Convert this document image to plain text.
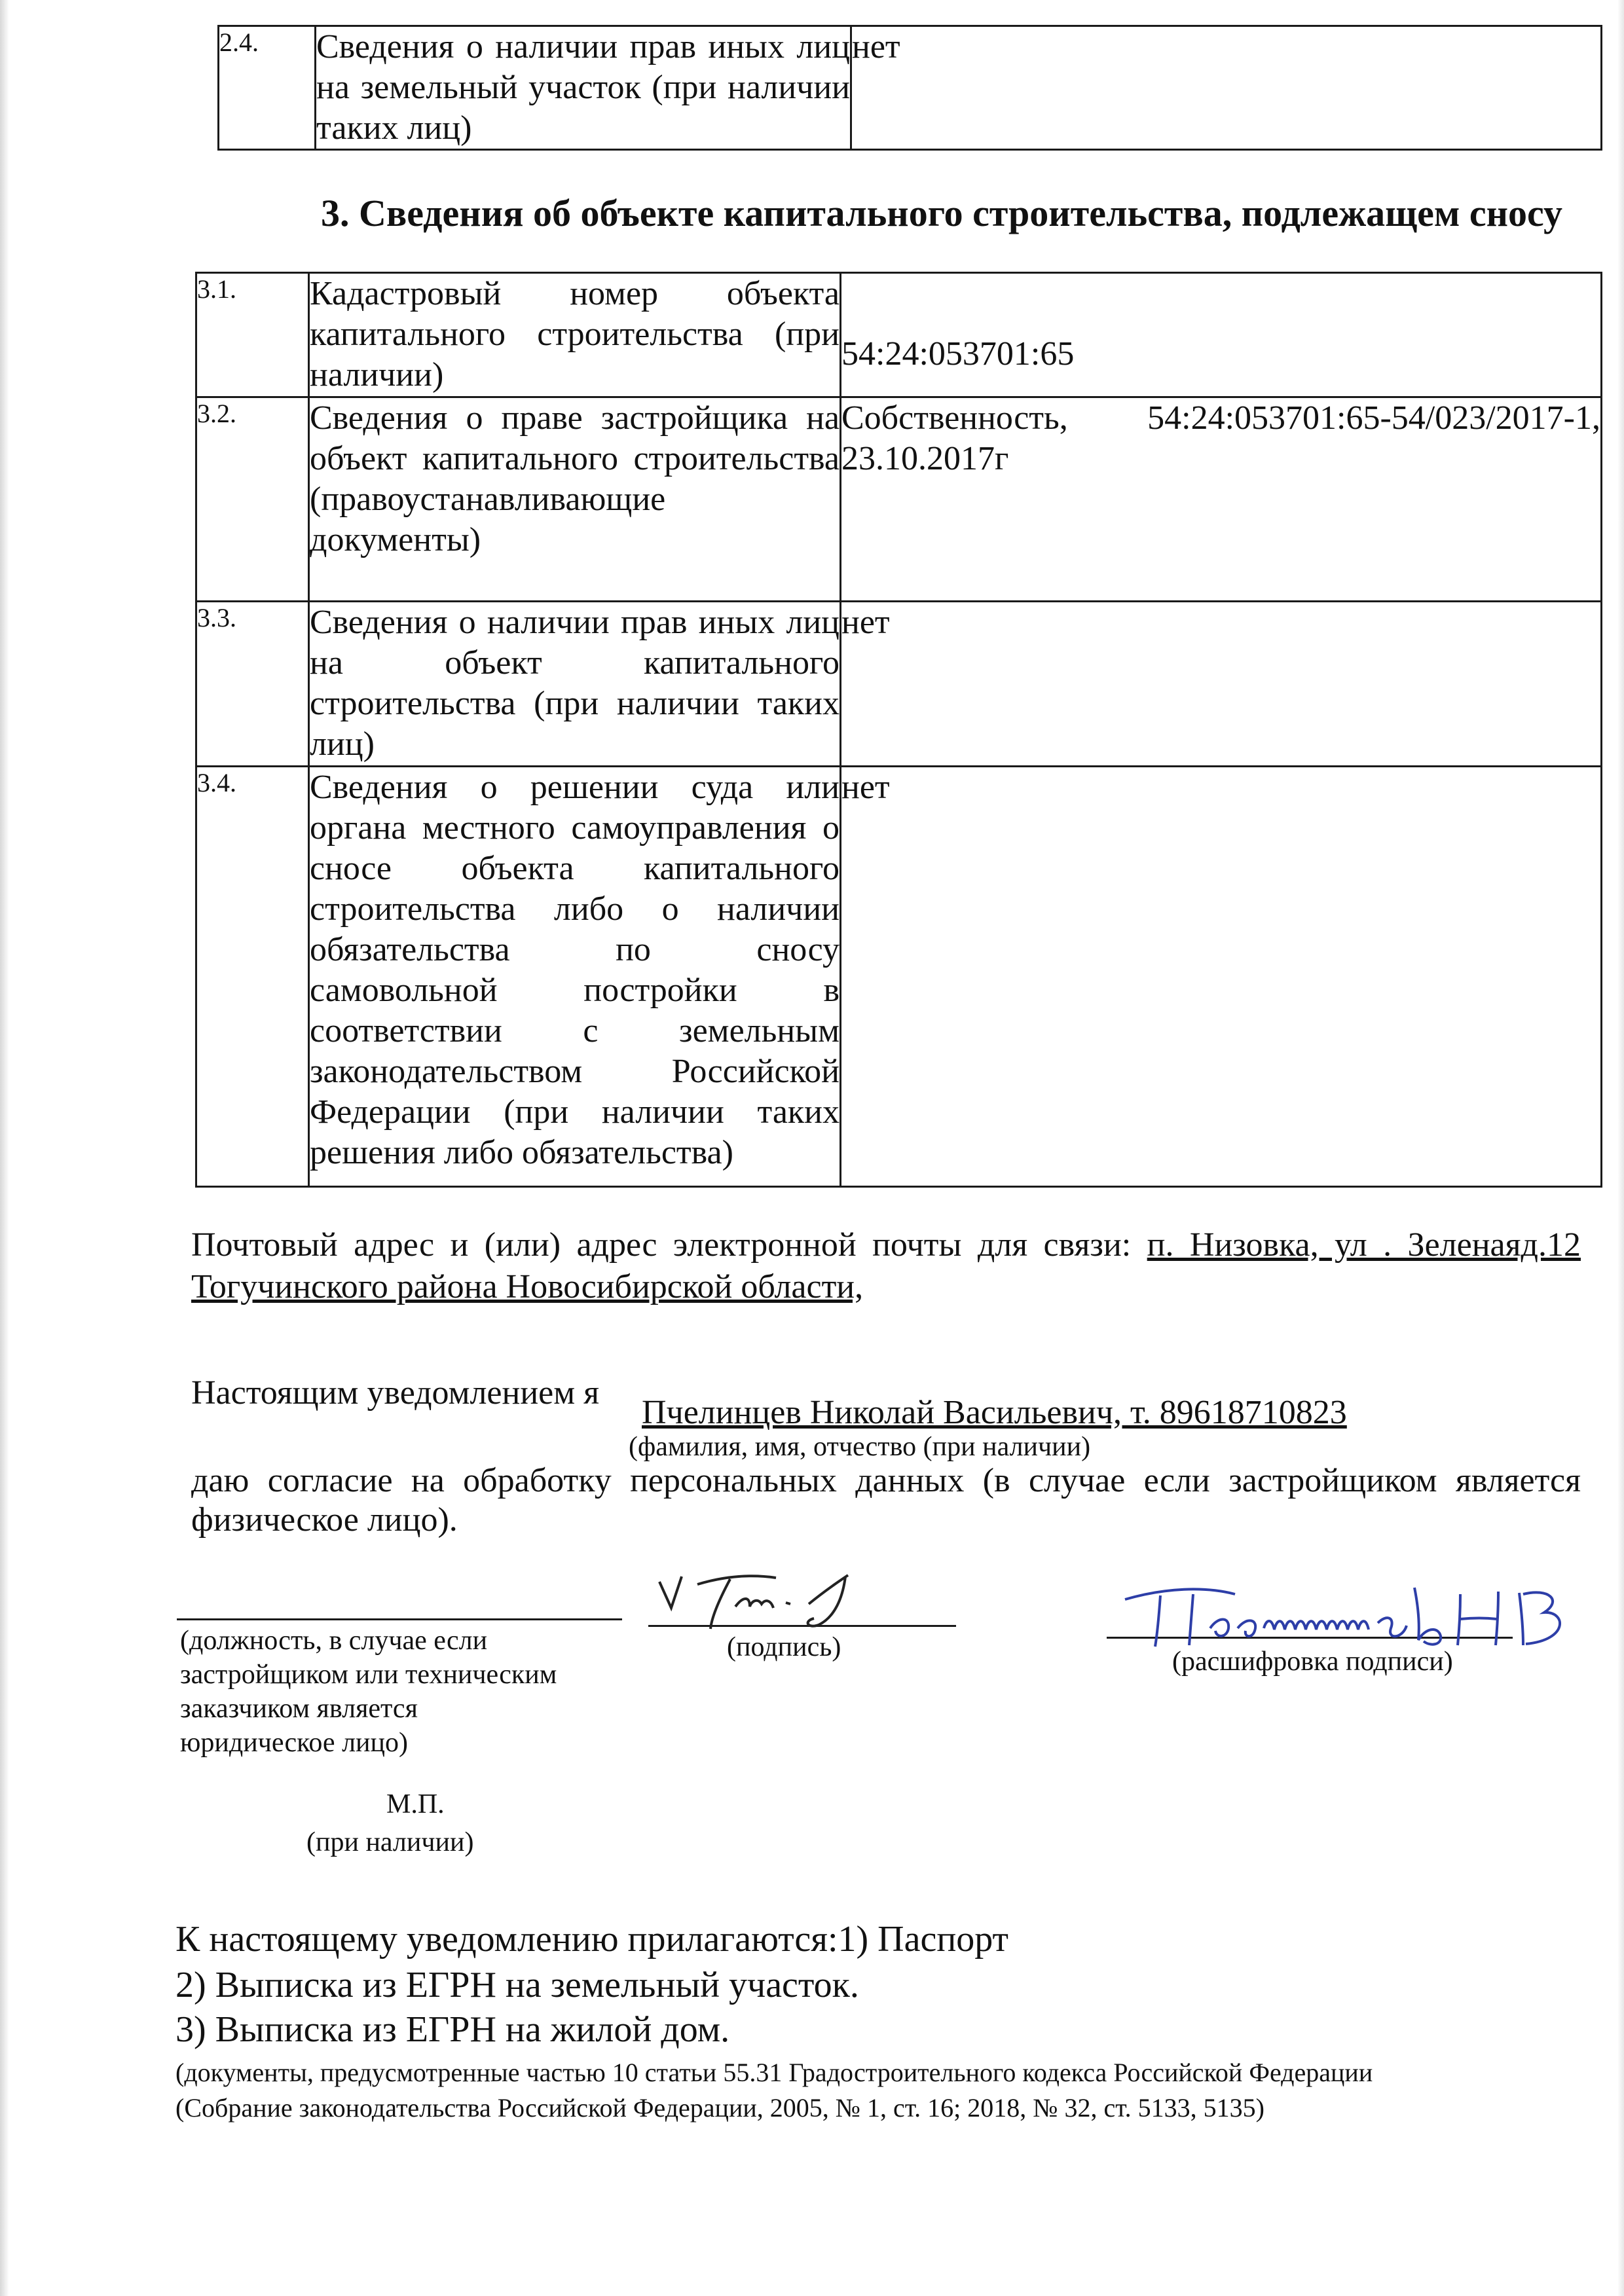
2.4.	Сведения о наличии прав иных лиц на земельный участок (при наличии таких лиц)	нет
3. Сведения об объекте капитального строительства, подлежащем сносу
3.1.	Кадастровый номер объекта капитального строительства (при наличии)	54:24:053701:65
3.2.	Сведения о праве застройщика на объект капитального строительства (правоустанавливающие документы)	Собственность, 54:24:053701:65-54/023/2017-1, 23.10.2017г
3.3.	Сведения о наличии прав иных лиц на объект капитального строительства (при наличии таких лиц)	нет
3.4.	Сведения о решении суда или органа местного самоуправления о сносе объекта капитального строительства либо о наличии обязательства по сносу самовольной постройки в соответствии с земельным законодательством Российской Федерации (при наличии таких решения либо обязательства)	нет
Почтовый адрес и (или) адрес электронной почты для связи: п. Низовка, ул . Зеленаяд.12 Тогучинского района Новосибирской области,
Настоящим уведомлением я
Пчелинцев Николай Васильевич, т. 89618710823
(фамилия, имя, отчество (при наличии)
даю согласие на обработку персональных данных (в случае если застройщиком является физическое лицо).
(должность, в случае если застройщиком или техническим заказчиком является юридическое лицо)
(подпись)	(расшифровка подписи)
М.П.
(при наличии)
К настоящему уведомлению прилагаются:1) Паспорт
2) Выписка из ЕГРН на земельный участок.
3) Выписка из ЕГРН на жилой дом.
(документы, предусмотренные частью 10 статьи 55.31 Градостроительного кодекса Российской Федерации
(Собрание законодательства Российской Федерации, 2005, № 1, ст. 16; 2018, № 32, ст. 5133, 5135)
